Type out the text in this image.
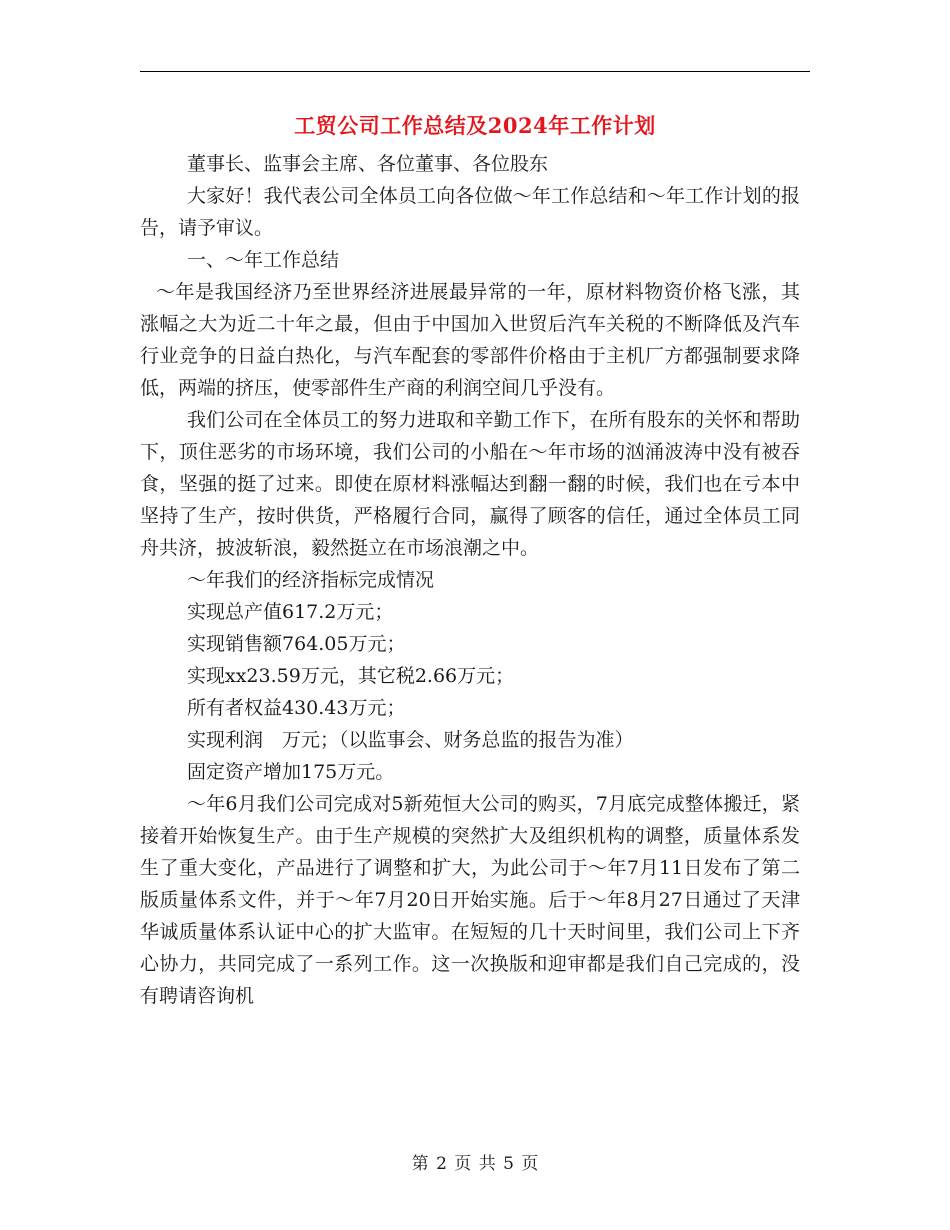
工贸公司工作总结及2024年工作计划

董事长、监事会主席、各位董事、各位股东

大家好！我代表公司全体员工向各位做～年工作总结和～年工作计划的报告，请予审议。

一、～年工作总结

～年是我国经济乃至世界经济进展最异常的一年，原材料物资价格飞涨，其涨幅之大为近二十年之最，但由于中国加入世贸后汽车关税的不断降低及汽车行业竞争的日益白热化，与汽车配套的零部件价格由于主机厂方都强制要求降低，两端的挤压，使零部件生产商的利润空间几乎没有。

我们公司在全体员工的努力进取和辛勤工作下，在所有股东的关怀和帮助下，顶住恶劣的市场环境，我们公司的小船在～年市场的汹涌波涛中没有被吞食，坚强的挺了过来。即使在原材料涨幅达到翻一翻的时候，我们也在亏本中坚持了生产，按时供货，严格履行合同，赢得了顾客的信任，通过全体员工同舟共济，披波斩浪，毅然挺立在市场浪潮之中。

～年我们的经济指标完成情况

实现总产值617.2万元；

实现销售额764.05万元；

实现xx23.59万元，其它税2.66万元；

所有者权益430.43万元；

实现利润　万元；（以监事会、财务总监的报告为准）

固定资产增加175万元。

～年6月我们公司完成对5新苑恒大公司的购买，7月底完成整体搬迁，紧接着开始恢复生产。由于生产规模的突然扩大及组织机构的调整，质量体系发生了重大变化，产品进行了调整和扩大，为此公司于～年7月11日发布了第二版质量体系文件，并于～年7月20日开始实施。后于～年8月27日通过了天津华诚质量体系认证中心的扩大监审。在短短的几十天时间里，我们公司上下齐心协力，共同完成了一系列工作。这一次换版和迎审都是我们自己完成的，没有聘请咨询机

第 2 页 共 5 页
